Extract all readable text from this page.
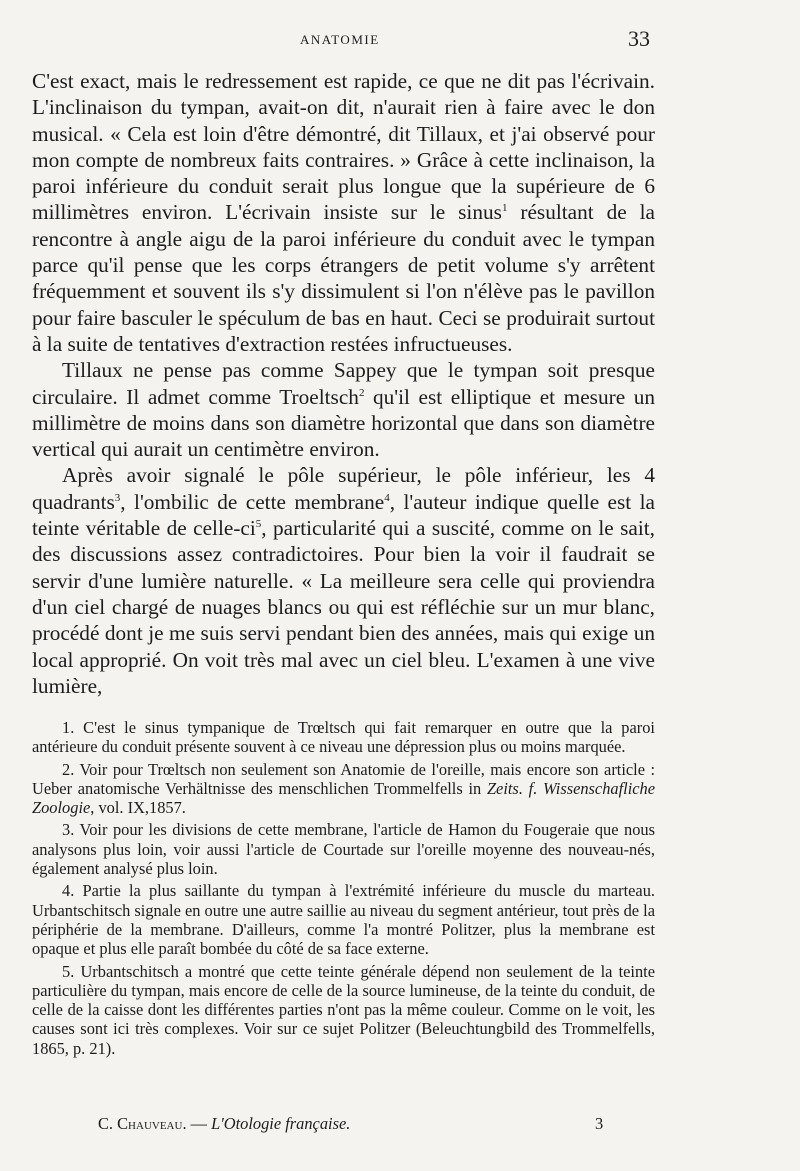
ANATOMIE	33

C'est exact, mais le redressement est rapide, ce que ne dit pas l'écrivain. L'inclinaison du tympan, avait-on dit, n'aurait rien à faire avec le don musical. « Cela est loin d'être démontré, dit Tillaux, et j'ai observé pour mon compte de nombreux faits contraires. » Grâce à cette inclinaison, la paroi inférieure du conduit serait plus longue que la supérieure de 6 millimètres environ. L'écrivain insiste sur le sinus$^1$ résultant de la rencontre à angle aigu de la paroi inférieure du conduit avec le tympan parce qu'il pense que les corps étrangers de petit volume s'y arrêtent fréquemment et souvent ils s'y dissimulent si l'on n'élève pas le pavillon pour faire basculer le spéculum de bas en haut. Ceci se produirait surtout à la suite de tentatives d'extraction restées infructueuses.

Tillaux ne pense pas comme Sappey que le tympan soit presque circulaire. Il admet comme Troeltsch$^2$ qu'il est elliptique et mesure un millimètre de moins dans son diamètre horizontal que dans son diamètre vertical qui aurait un centimètre environ.

Après avoir signalé le pôle supérieur, le pôle inférieur, les 4 quadrants$^3$, l'ombilic de cette membrane$^4$, l'auteur indique quelle est la teinte véritable de celle-$ci^5$, particularité qui a suscité, comme on le sait, des discussions assez contradictoires. Pour bien la voir il faudrait se servir d'une lumière naturelle. « La meilleure sera celle qui proviendra d'un ciel chargé de nuages blancs ou qui est réfléchie sur un mur blanc, procédé dont je me suis servi pendant bien des années, mais qui exige un local approprié. On voit très mal avec un ciel bleu. L'examen à une vive lumière,

1. C'est le sinus tympanique de Trœltsch qui fait remarquer en outre que la paroi antérieure du conduit présente souvent à ce niveau une dépression plus ou moins marquée.

2. Voir pour Trœltsch non seulement son Anatomie de l'oreille, mais encore son article : Ueber anatomische Verhältnisse des menschlichen Trommelfells in Zeits. f. Wissenschafliche Zoologie, vol. IX,1857.

3. Voir pour les divisions de cette membrane, l'article de Hamon du Fougeraie que nous analysons plus loin, voir aussi l'article de Courtade sur l'oreille moyenne des nouveau-nés, également analysé plus loin.

4. Partie la plus saillante du tympan à l'extrémité inférieure du muscle du marteau. Urbantschitsch signale en outre une autre saillie au niveau du segment antérieur, tout près de la périphérie de la membrane. D'ailleurs, comme l'a montré Politzer, plus la membrane est opaque et plus elle paraît bombée du côté de sa face externe.

5. Urbantschitsch a montré que cette teinte générale dépend non seulement de la teinte particulière du tympan, mais encore de celle de la source lumineuse, de la teinte du conduit, de celle de la caisse dont les différentes parties n'ont pas la même couleur. Comme on le voit, les causes sont ici très complexes. Voir sur ce sujet Politzer (Beleuchtungbild des Trommelfells, 1865, p. 21).

C. Chauveau. — L'Otologie française.	3
